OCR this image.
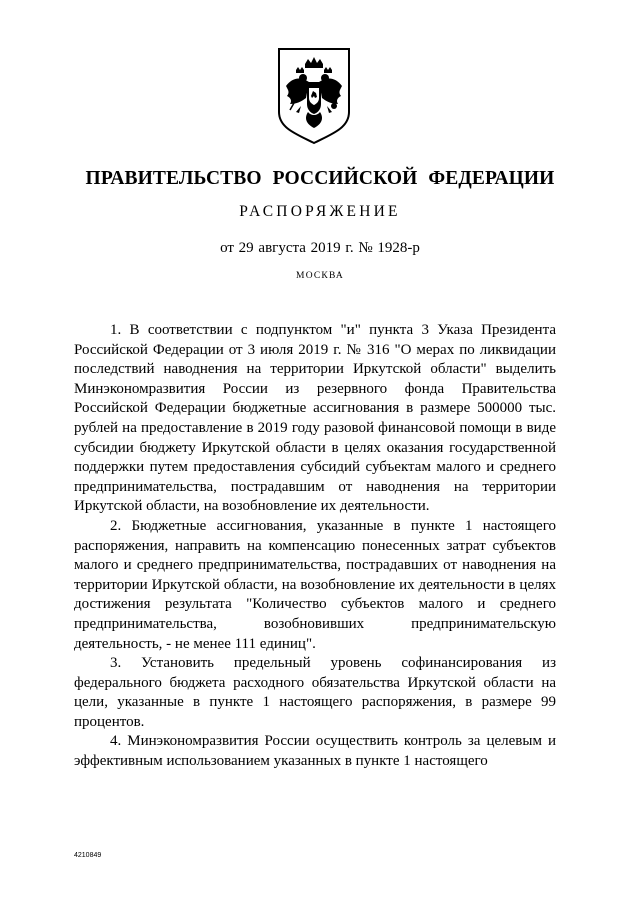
ПРАВИТЕЛЬСТВО РОССИЙСКОЙ ФЕДЕРАЦИИ
РАСПОРЯЖЕНИЕ
от 29 августа 2019 г. № 1928-р
МОСКВА

1. В соответствии с подпунктом "и" пункта 3 Указа Президента Российской Федерации от 3 июля 2019 г. № 316 "О мерах по ликвидации последствий наводнения на территории Иркутской области" выделить Минэкономразвития России из резервного фонда Правительства Российской Федерации бюджетные ассигнования в размере 500000 тыс. рублей на предоставление в 2019 году разовой финансовой помощи в виде субсидии бюджету Иркутской области в целях оказания государственной поддержки путем предоставления субсидий субъектам малого и среднего предпринимательства, пострадавшим от наводнения на территории Иркутской области, на возобновление их деятельности.

2. Бюджетные ассигнования, указанные в пункте 1 настоящего распоряжения, направить на компенсацию понесенных затрат субъектов малого и среднего предпринимательства, пострадавших от наводнения на территории Иркутской области, на возобновление их деятельности в целях достижения результата "Количество субъектов малого и среднего предпринимательства, возобновивших предпринимательскую деятельность, - не менее 111 единиц".

3. Установить предельный уровень софинансирования из федерального бюджета расходного обязательства Иркутской области на цели, указанные в пункте 1 настоящего распоряжения, в размере 99 процентов.

4. Минэкономразвития России осуществить контроль за целевым и эффективным использованием указанных в пункте 1 настоящего

4210849
